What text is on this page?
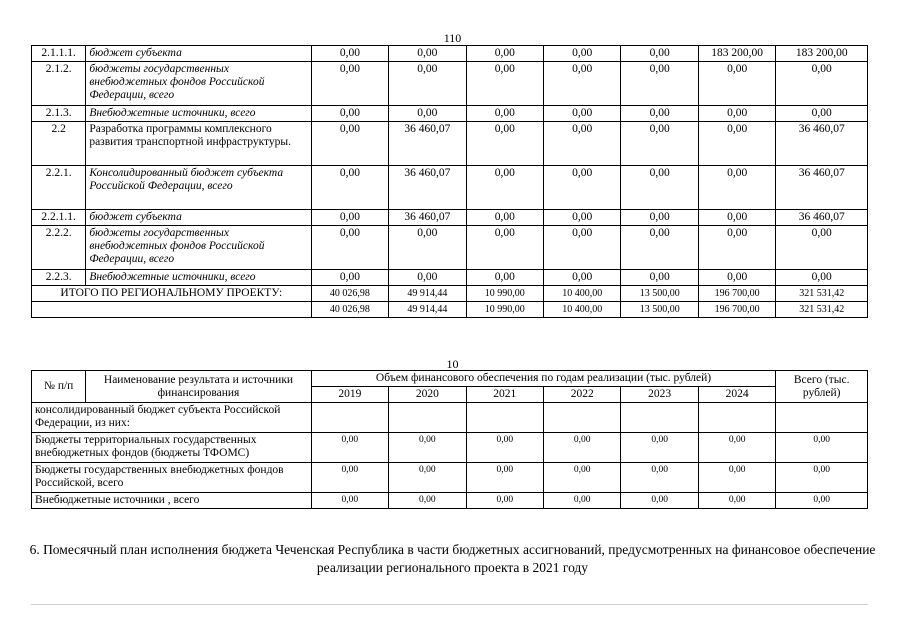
110
2.1.1.1.	бюджет субъекта	0,00	0,00	0,00	0,00	0,00	183 200,00	183 200,00
2.1.2.	бюджеты государственных внебюджетных фондов Российской Федерации, всего	0,00	0,00	0,00	0,00	0,00	0,00	0,00
2.1.3.	Внебюджетные источники, всего	0,00	0,00	0,00	0,00	0,00	0,00	0,00
2.2	Разработка программы комплексного развития транспортной инфраструктуры.	0,00	36 460,07	0,00	0,00	0,00	0,00	36 460,07
2.2.1.	Консолидированный бюджет субъекта Российской Федерации, всего	0,00	36 460,07	0,00	0,00	0,00	0,00	36 460,07
2.2.1.1.	бюджет субъекта	0,00	36 460,07	0,00	0,00	0,00	0,00	36 460,07
2.2.2.	бюджеты государственных внебюджетных фондов Российской Федерации, всего	0,00	0,00	0,00	0,00	0,00	0,00	0,00
2.2.3.	Внебюджетные источники, всего	0,00	0,00	0,00	0,00	0,00	0,00	0,00
ИТОГО ПО РЕГИОНАЛЬНОМУ ПРОЕКТУ:		40 026,98	49 914,44	10 990,00	10 400,00	13 500,00	196 700,00	321 531,42
		40 026,98	49 914,44	10 990,00	10 400,00	13 500,00	196 700,00	321 531,42
10
№ п/п	Наименование результата и источники финансирования	Объем финансового обеспечения по годам реализации (тыс. рублей)						Всего (тыс. рублей)
		2019	2020	2021	2022	2023	2024	
консолидированный бюджет субъекта Российской Федерации, из них:								
Бюджеты территориальных государственных внебюджетных фондов (бюджеты ТФОМС)		0,00	0,00	0,00	0,00	0,00	0,00	0,00
Бюджеты государственных внебюджетных фондов Российской, всего		0,00	0,00	0,00	0,00	0,00	0,00	0,00
Внебюджетные источники , всего		0,00	0,00	0,00	0,00	0,00	0,00	0,00
6. Помесячный план исполнения бюджета Чеченская Республика в части бюджетных ассигнований, предусмотренных на финансовое обеспечение реализации регионального проекта в 2021 году
